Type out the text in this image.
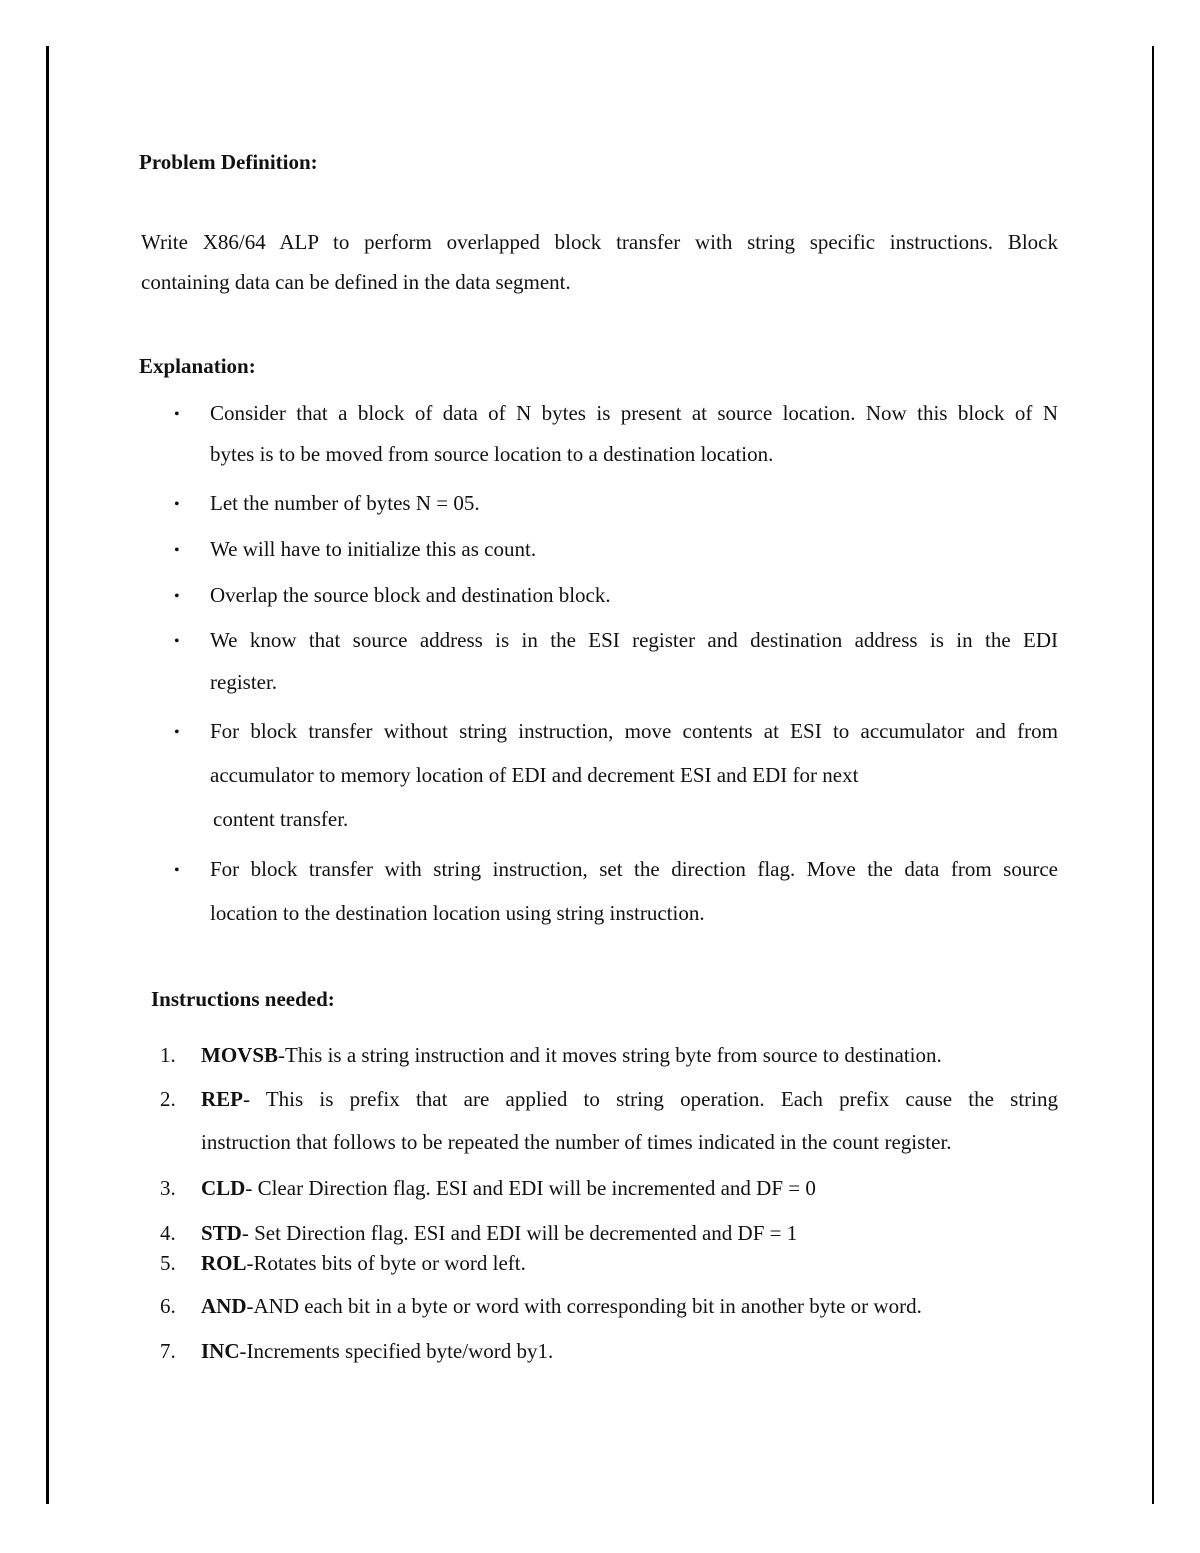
Problem Definition:
Write X86/64 ALP to perform overlapped block transfer with string specific instructions. Block
containing data can be defined in the data segment.
Explanation:
• Consider that a block of data of N bytes is present at source location. Now this block of N
bytes is to be moved from source location to a destination location.
• Let the number of bytes N = 05.
• We will have to initialize this as count.
• Overlap the source block and destination block.
• We know that source address is in the ESI register and destination address is in the EDI
register.
• For block transfer without string instruction, move contents at ESI to accumulator and from
accumulator to memory location of EDI and decrement ESI and EDI for next
content transfer.
• For block transfer with string instruction, set the direction flag. Move the data from source
location to the destination location using string instruction.
Instructions needed:
1. MOVSB-This is a string instruction and it moves string byte from source to destination.
2. REP- This is prefix that are applied to string operation. Each prefix cause the string
instruction that follows to be repeated the number of times indicated in the count register.
3. CLD- Clear Direction flag. ESI and EDI will be incremented and DF = 0
4. STD- Set Direction flag. ESI and EDI will be decremented and DF = 1
5. ROL-Rotates bits of byte or word left.
6. AND-AND each bit in a byte or word with corresponding bit in another byte or word.
7. INC-Increments specified byte/word by1.
